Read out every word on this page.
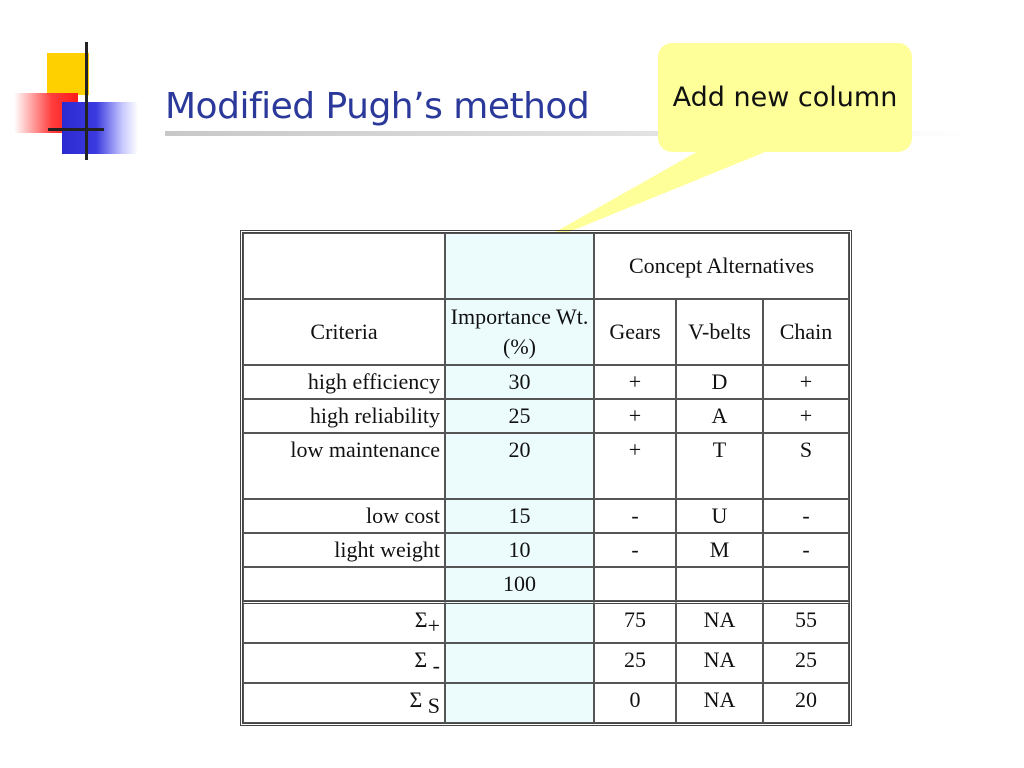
Modified Pugh’s method	Add new column
		Concept Alternatives		
Criteria	Importance Wt. (%)	Gears	V-belts	Chain
high efficiency	30	+	D	+
high reliability	25	+	A	+
low maintenance	20	+	T	S
low cost	15	-	U	-
light weight	10	-	M	-
	100			
Σ+		75	NA	55
Σ -		25	NA	25
Σ S		0	NA	20
